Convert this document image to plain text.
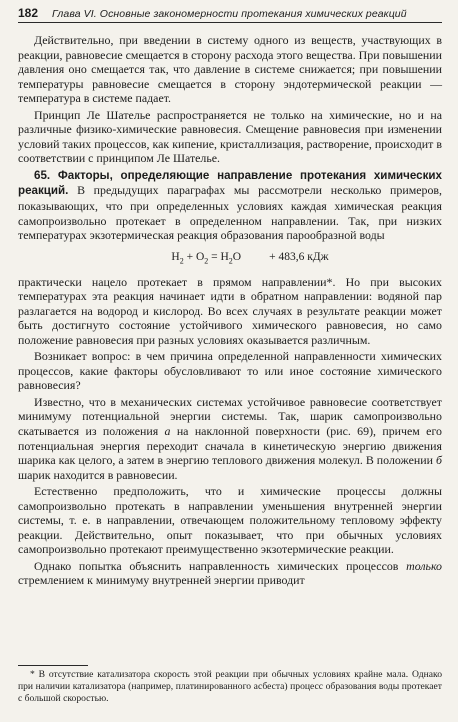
182 Глава VI. Основные закономерности протекания химических реакций

Действительно, при введении в систему одного из веществ, участвующих в реакции, равновесие смещается в сторону расхода этого вещества. При повышении давления оно смещается так, что давление в системе снижается; при повышении температуры равновесие смещается в сторону эндотермической реакции — температура в системе падает.

Принцип Ле Шателье распространяется не только на химические, но и на различные физико-химические равновесия. Смещение равновесия при изменении условий таких процессов, как кипение, кристаллизация, растворение, происходит в соответствии с принципом Ле Шателье.

65. Факторы, определяющие направление протекания химических реакций. В предыдущих параграфах мы рассмотрели несколько примеров, показывающих, что при определенных условиях каждая химическая реакция самопроизвольно протекает в определенном направлении. Так, при низких температурах экзотермическая реакция образования парообразной воды

$H_2 + O_2 = H_2O + 483,6$ кДж

практически нацело протекает в прямом направлении*. Но при высоких температурах эта реакция начинает идти в обратном направлении: водяной пар разлагается на водород и кислород. Во всех случаях в результате реакции может быть достигнуто состояние устойчивого химического равновесия, но само положение равновесия при разных условиях оказывается различным.

Возникает вопрос: в чем причина определенной направленности химических процессов, какие факторы обусловливают то или иное состояние химического равновесия?

Известно, что в механических системах устойчивое равновесие соответствует минимуму потенциальной энергии системы. Так, шарик самопроизвольно скатывается из положения а на наклонной поверхности (рис. 69), причем его потенциальная энергия переходит сначала в кинетическую энергию движения шарика как целого, а затем в энергию теплового движения молекул. В положении б шарик находится в равновесии.

Естественно предположить, что и химические процессы должны самопроизвольно протекать в направлении уменьшения внутренней энергии системы, т. е. в направлении, отвечающем положительному тепловому эффекту реакции. Действительно, опыт показывает, что при обычных условиях самопроизвольно протекают преимущественно экзотермические реакции.

Однако попытка объяснить направленность химических процессов только стремлением к минимуму внутренней энергии приводит

* В отсутствие катализатора скорость этой реакции при обычных условиях крайне мала. Однако при наличии катализатора (например, платинированного асбеста) процесс образования воды протекает с большой скоростью.
